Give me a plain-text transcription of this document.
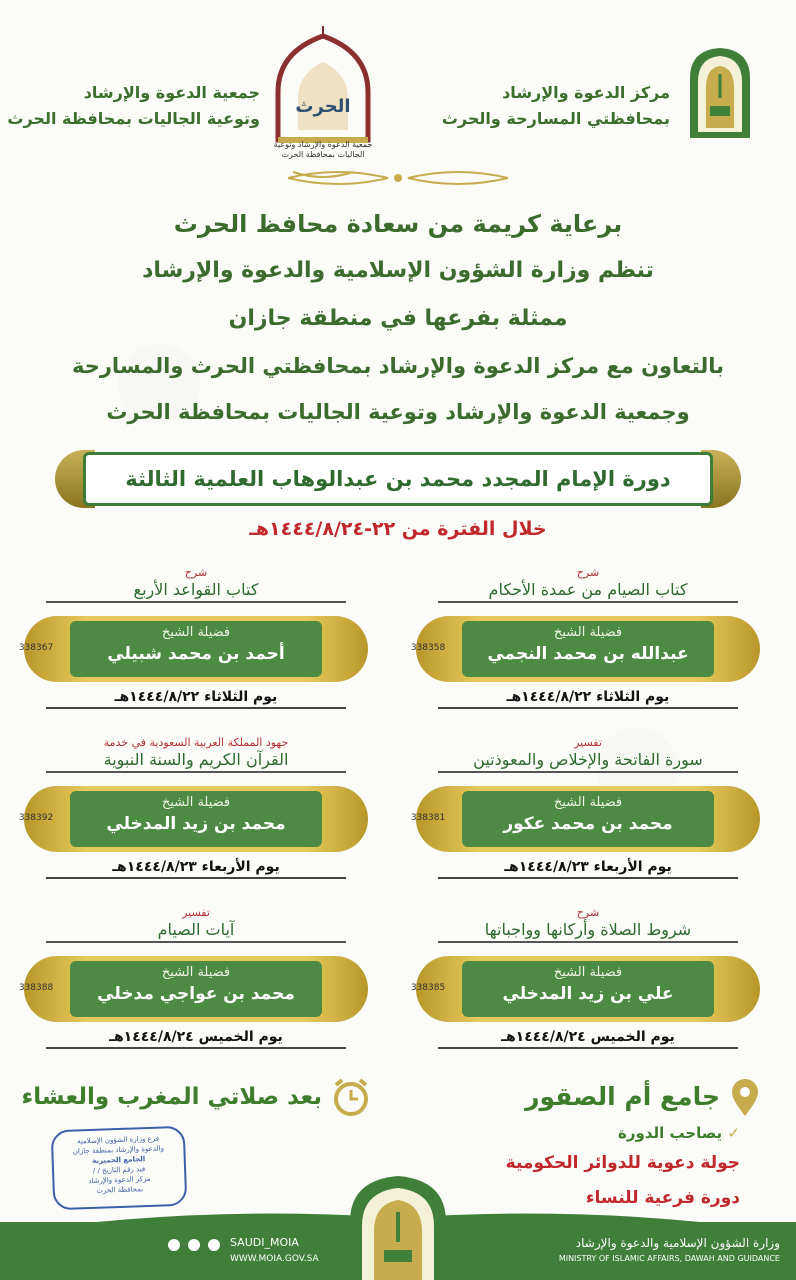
مركز الدعوة والإرشاد
بمحافظتي المسارحة والحرث
الحرث
جمعية الدعوة والإرشاد وتوعية
الجاليات بمحافظة الحرث
جمعية الدعوة والإرشاد
وتوعية الجاليات بمحافظة الحرث
برعاية كريمة من سعادة محافظ الحرث
تنظم وزارة الشؤون الإسلامية والدعوة والإرشاد
ممثلة بفرعها في منطقة جازان
بالتعاون مع مركز الدعوة والإرشاد بمحافظتي الحرث والمسارحة
وجمعية الدعوة والإرشاد وتوعية الجاليات بمحافظة الحرث
دورة الإمام المجدد محمد بن عبدالوهاب العلمية الثالثة
خلال الفترة من ٢٢-١٤٤٤/٨/٢٤هـ
شرح
كتاب الصيام من عمدة الأحكام
338358
فضيلة الشيخ
عبدالله بن محمد النجمي
يوم الثلاثاء ١٤٤٤/٨/٢٢هـ
تفسير
سورة الفاتحة والإخلاص والمعوذتين
338381
فضيلة الشيخ
محمد بن محمد عكور
يوم الأربعاء ١٤٤٤/٨/٢٣هـ
شرح
شروط الصلاة وأركانها وواجباتها
338385
فضيلة الشيخ
علي بن زيد المدخلي
يوم الخميس ١٤٤٤/٨/٢٤هـ
شرح
كتاب القواعد الأربع
338367
فضيلة الشيخ
أحمد بن محمد شبيلي
يوم الثلاثاء ١٤٤٤/٨/٢٢هـ
جهود المملكة العربية السعودية في خدمة
القرآن الكريم والسنة النبوية
338392
فضيلة الشيخ
محمد بن زيد المدخلي
يوم الأربعاء ١٤٤٤/٨/٢٣هـ
تفسير
آيات الصيام
338388
فضيلة الشيخ
محمد بن عواجي مدخلي
يوم الخميس ١٤٤٤/٨/٢٤هـ
جامع أم الصقور
بعد صلاتي المغرب والعشاء
✓ يصاحب الدورة
جولة دعوية للدوائر الحكومية
دورة فرعية للنساء
فرع وزارة الشؤون الإسلامية
والدعوة والإرشاد بمنطقة جازان
الجامع الحميرية
قيد رقم التاريخ / /
مركز الدعوة والإرشاد
بمحافظة الحرث
وزارة الشؤون الإسلامية والدعوة والإرشاد
MINISTRY OF ISLAMIC AFFAIRS, DAWAH AND GUIDANCE
SAUDI_MOIA
WWW.MOIA.GOV.SA
